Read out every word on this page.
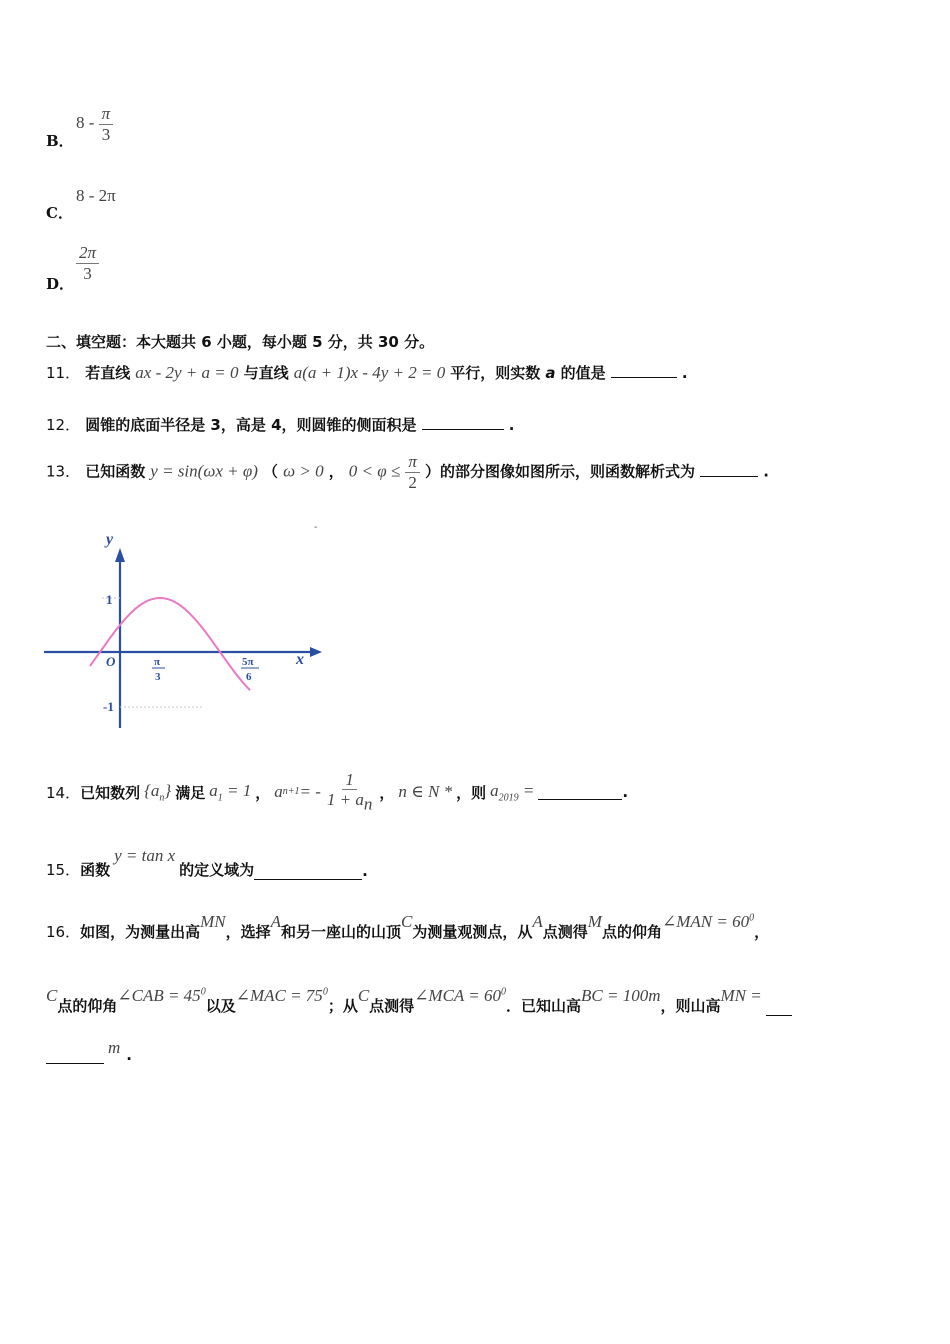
B．
$8 - \frac{\pi}{3}$
C．
8 - 2π
D．
$\frac{2\pi}{3}$
二、填空题：本大题共 6 小题，每小题 5 分，共 30 分。
11． 若直线 ax - 2y + a = 0 与直线 a(a + 1)x - 4y + 2 = 0 平行，则实数 a 的值是	.
12． 圆锥的底面半径是 3，高是 4，则圆锥的侧面积是	.
13． 已知函数 y = sin(ωx + φ) （ ω > 0 ， $0 < \varphi \le \frac{\pi}{2}$ ）的部分图像如图所示，则函数解析式为	.
y
x
O
1
-1
π
3
5π
6
-
14． 已知数列 $\{a_n\}$ 满足 $a_1 = 1$ ， a n+1 = - $\frac{1}{1 + a_n}$ ， n ∈ N * ，则 $a_{2019}$ =	.
15． 函数
y = tan x
的定义域为	.
16． 如图，为测量出高
MN
，选择
A
和另一座山的山顶
C
为测量观测点，从
A
点测得
M
点的仰角
∠MAN = $60^0$
，
C
点的仰角
∠CAB = $45^0$
以及
∠MAC = $75^0$
；从
C
点测得
∠MCA = $60^0$
．已知山高
BC = 100m
，则山高
MN =
m .
